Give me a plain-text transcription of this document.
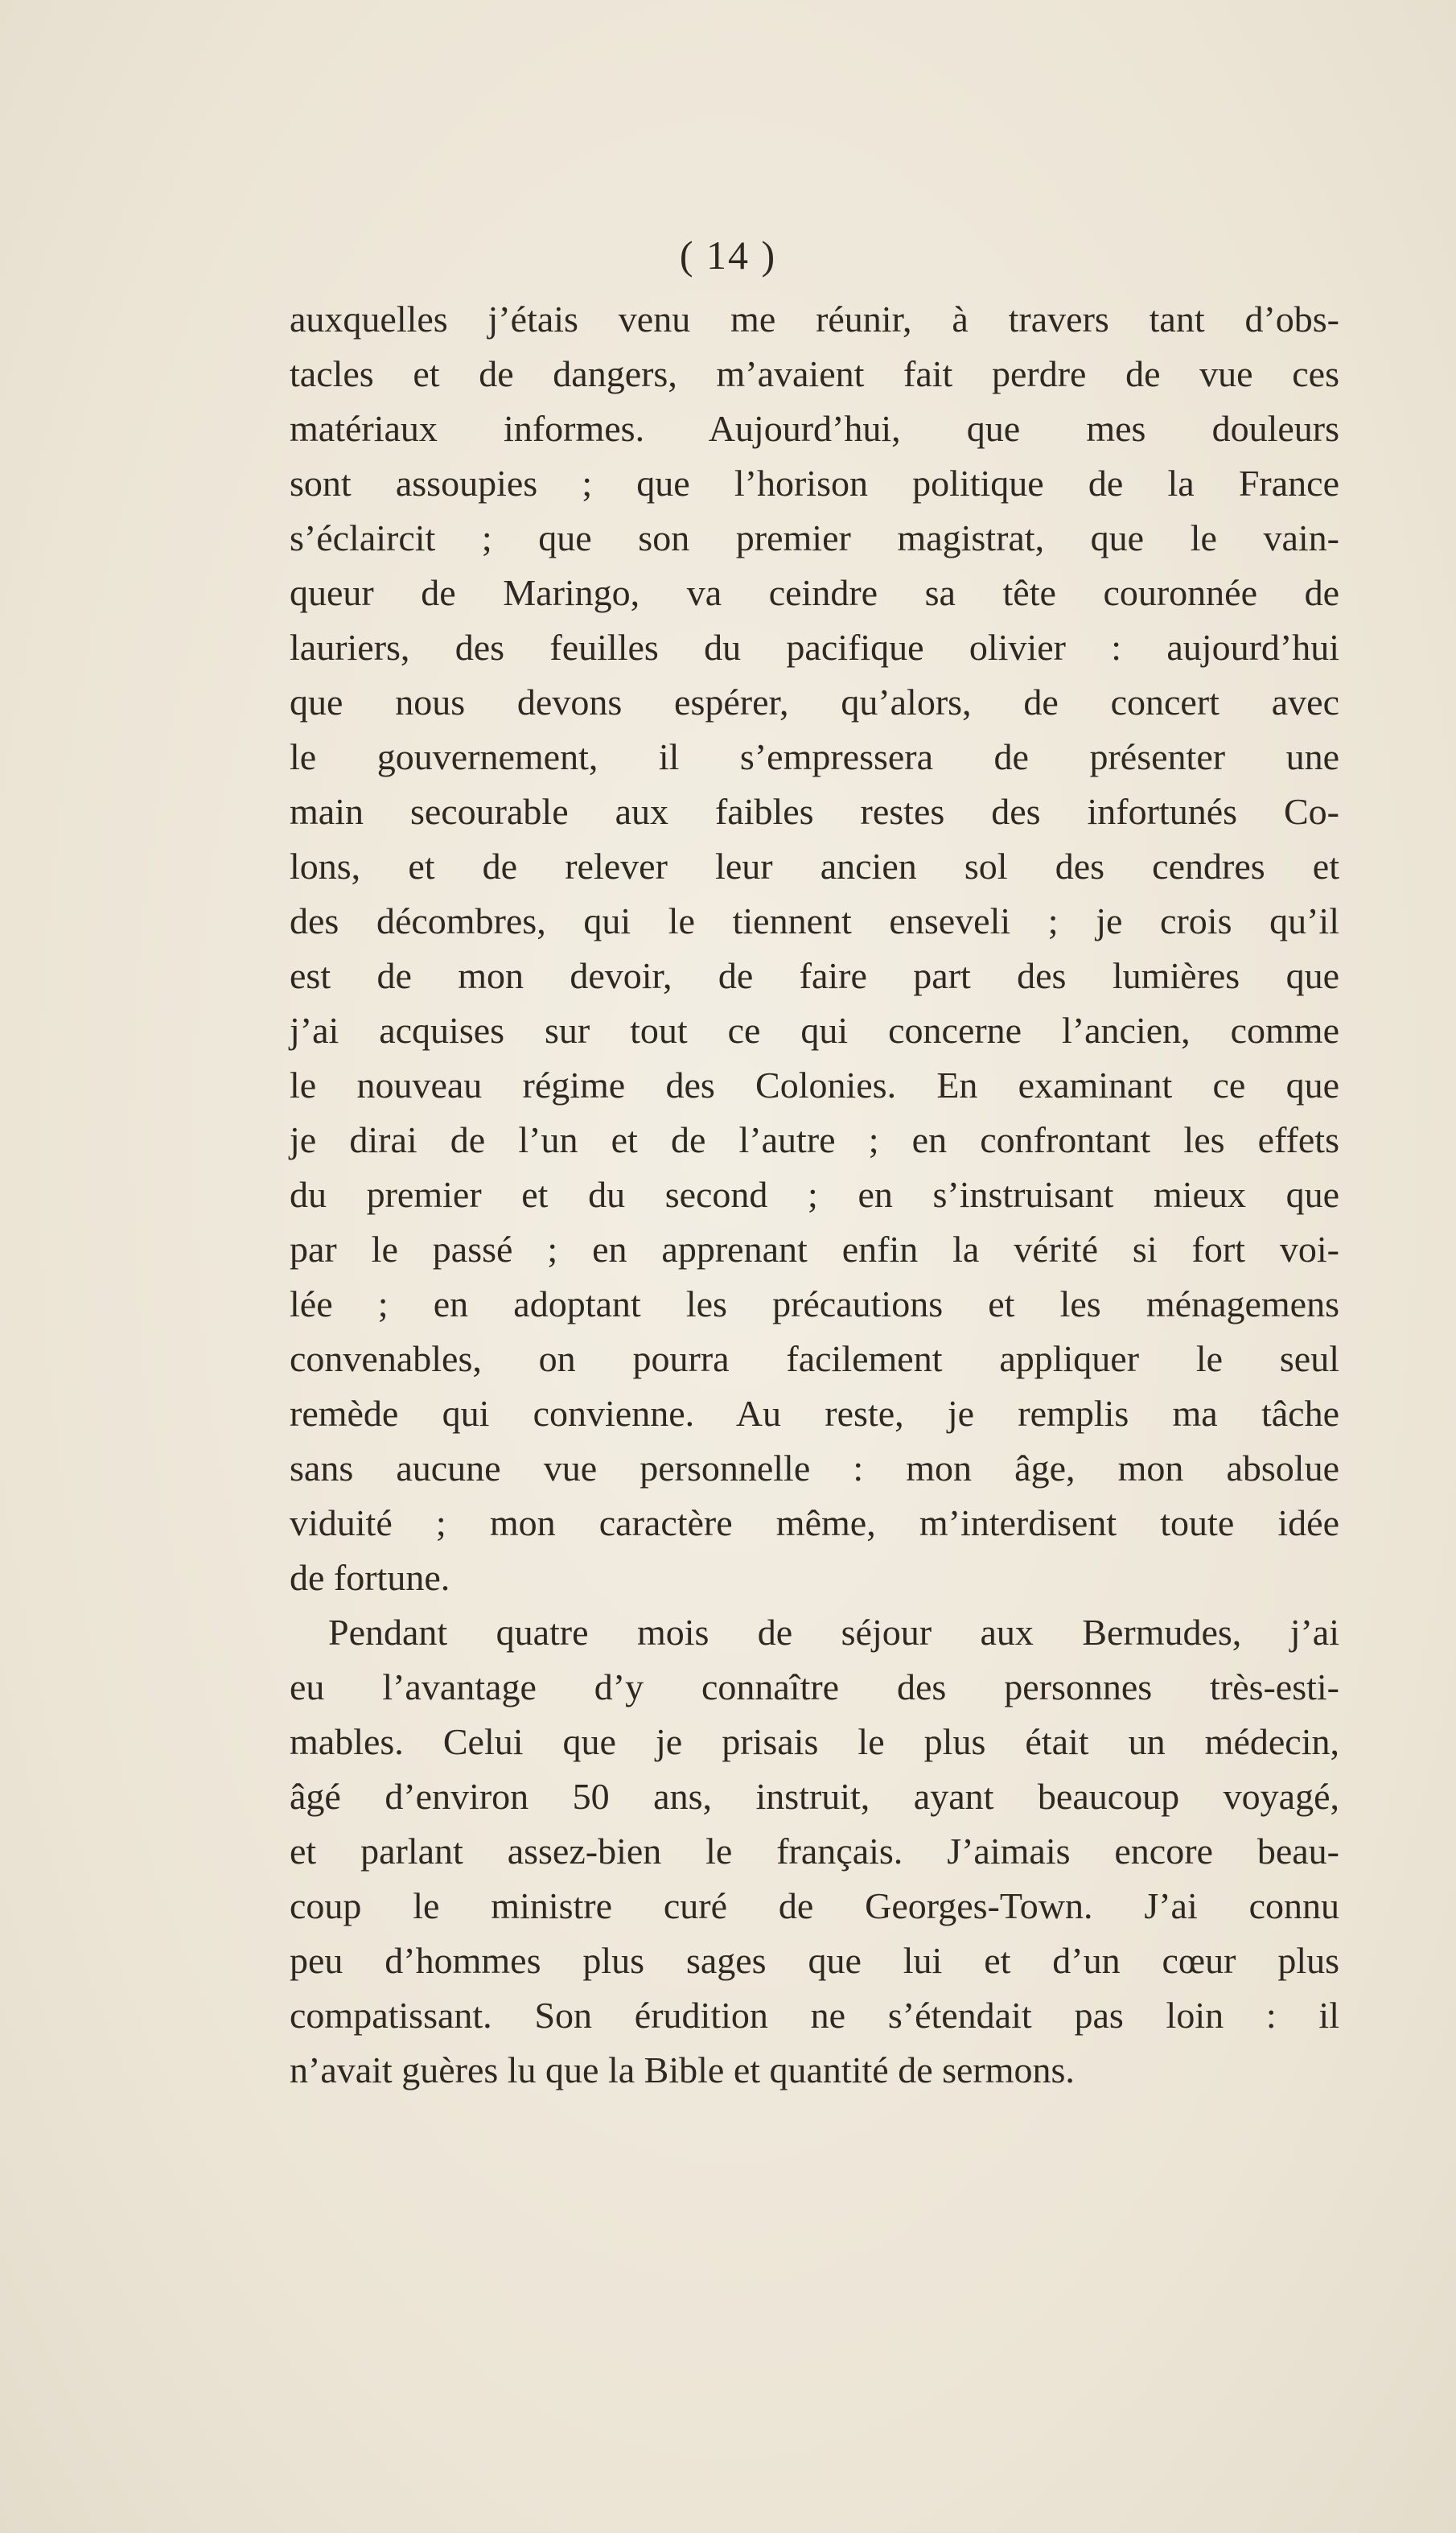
( 14 )
auxquelles j’étais venu me réunir, à travers tant d’obs-
tacles et de dangers, m’avaient fait perdre de vue ces
matériaux informes. Aujourd’hui, que mes douleurs
sont assoupies ; que l’horison politique de la France
s’éclaircit ; que son premier magistrat, que le vain-
queur de Maringo, va ceindre sa tête couronnée de
lauriers, des feuilles du pacifique olivier : aujourd’hui
que nous devons espérer, qu’alors, de concert avec
le gouvernement, il s’empressera de présenter une
main secourable aux faibles restes des infortunés Co-
lons, et de relever leur ancien sol des cendres et
des décombres, qui le tiennent enseveli ; je crois qu’il
est de mon devoir, de faire part des lumières que
j’ai acquises sur tout ce qui concerne l’ancien, comme
le nouveau régime des Colonies. En examinant ce que
je dirai de l’un et de l’autre ; en confrontant les effets
du premier et du second ; en s’instruisant mieux que
par le passé ; en apprenant enfin la vérité si fort voi-
lée ; en adoptant les précautions et les ménagemens
convenables, on pourra facilement appliquer le seul
remède qui convienne. Au reste, je remplis ma tâche
sans aucune vue personnelle : mon âge, mon absolue
viduité ; mon caractère même, m’interdisent toute idée
de fortune.
Pendant quatre mois de séjour aux Bermudes, j’ai
eu l’avantage d’y connaître des personnes très-esti-
mables. Celui que je prisais le plus était un médecin,
âgé d’environ 50 ans, instruit, ayant beaucoup voyagé,
et parlant assez-bien le français. J’aimais encore beau-
coup le ministre curé de Georges-Town. J’ai connu
peu d’hommes plus sages que lui et d’un cœur plus
compatissant. Son érudition ne s’étendait pas loin : il
n’avait guères lu que la Bible et quantité de sermons.
